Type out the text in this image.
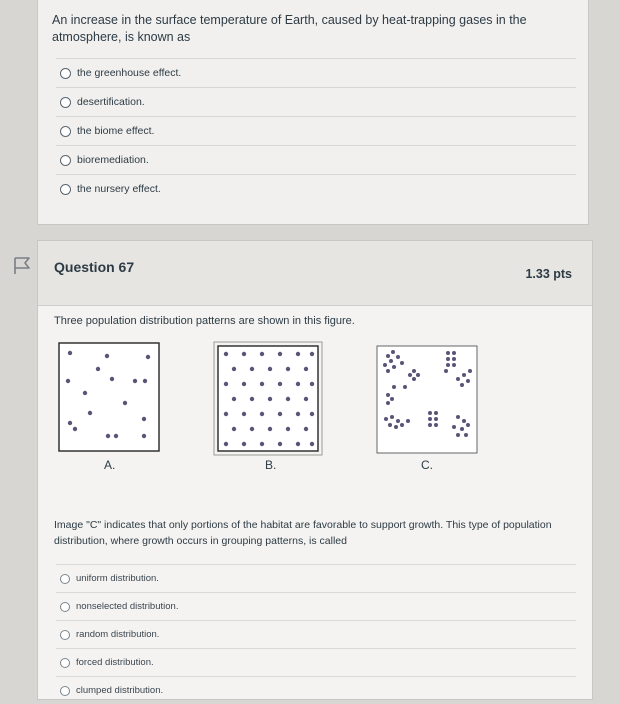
An increase in the surface temperature of Earth, caused by heat-trapping gases in the atmosphere, is known as
the greenhouse effect.
desertification.
the biome effect.
bioremediation.
the nursery effect.
Question 67	1.33 pts
Three population distribution patterns are shown in this figure.
A.	B.	C.
Image "C" indicates that only portions of the habitat are favorable to support growth. This type of population distribution, where growth occurs in grouping patterns, is called
uniform distribution.
nonselected distribution.
random distribution.
forced distribution.
clumped distribution.
